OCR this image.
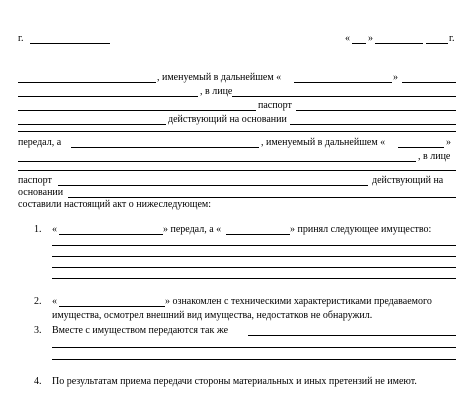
г.	« »	г.
, именуемый в дальнейшем «	»
, в лице
паспорт
действующий на основании
передал, а	, именуемый в дальнейшем «	»
, в лице
паспорт	действующий на
основании
составили настоящий акт о нижеследующем:
1. «	» передал, а «	» принял следующее имущество:
2. «	» ознакомлен с техническими характеристиками предаваемого
имущества, осмотрел внешний вид имущества, недостатков не обнаружил.
3. Вместе с имуществом передаются так же
4. По результатам приема передачи стороны материальных и иных претензий не имеют.
